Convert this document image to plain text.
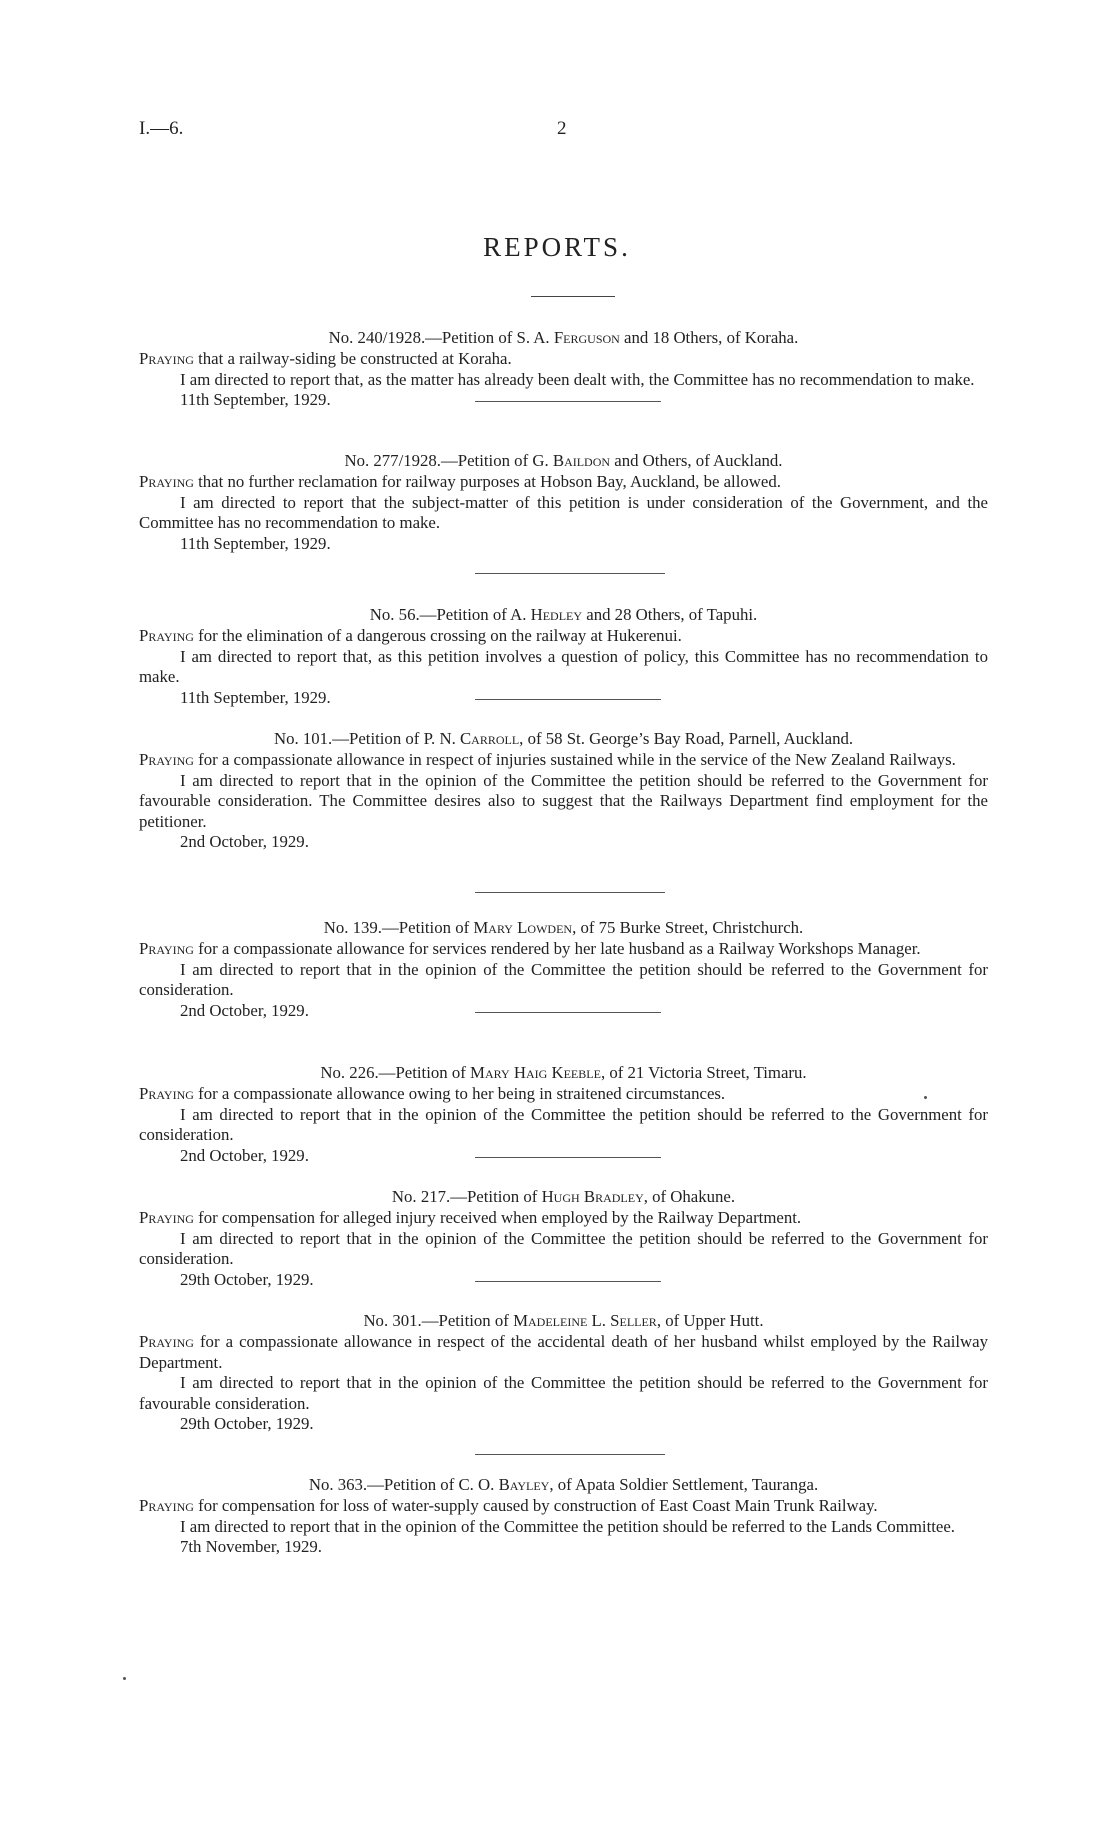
I.—6.	2
REPORTS.

No. 240/1928.—Petition of S. A. Ferguson and 18 Others, of Koraha.

Praying that a railway-siding be constructed at Koraha.

I am directed to report that, as the matter has already been dealt with, the Committee has no recommendation to make.

11th September, 1929.

No. 277/1928.—Petition of G. Baildon and Others, of Auckland.

Praying that no further reclamation for railway purposes at Hobson Bay, Auckland, be allowed.

I am directed to report that the subject-matter of this petition is under consideration of the Government, and the Committee has no recommendation to make.

11th September, 1929.

No. 56.—Petition of A. Hedley and 28 Others, of Tapuhi.

Praying for the elimination of a dangerous crossing on the railway at Hukerenui.

I am directed to report that, as this petition involves a question of policy, this Committee has no recommendation to make.

11th September, 1929.

No. 101.—Petition of P. N. Carroll, of 58 St. George’s Bay Road, Parnell, Auckland.

Praying for a compassionate allowance in respect of injuries sustained while in the service of the New Zealand Railways.

I am directed to report that in the opinion of the Committee the petition should be referred to the Government for favourable consideration. The Committee desires also to suggest that the Railways Department find employment for the petitioner.

2nd October, 1929.

No. 139.—Petition of Mary Lowden, of 75 Burke Street, Christchurch.

Praying for a compassionate allowance for services rendered by her late husband as a Railway Workshops Manager.

I am directed to report that in the opinion of the Committee the petition should be referred to the Government for consideration.

2nd October, 1929.

No. 226.—Petition of Mary Haig Keeble, of 21 Victoria Street, Timaru.

Praying for a compassionate allowance owing to her being in straitened circumstances.

I am directed to report that in the opinion of the Committee the petition should be referred to the Government for consideration.

2nd October, 1929.

No. 217.—Petition of Hugh Bradley, of Ohakune.

Praying for compensation for alleged injury received when employed by the Railway Department.

I am directed to report that in the opinion of the Committee the petition should be referred to the Government for consideration.

29th October, 1929.

No. 301.—Petition of Madeleine L. Seller, of Upper Hutt.

Praying for a compassionate allowance in respect of the accidental death of her husband whilst employed by the Railway Department.

I am directed to report that in the opinion of the Committee the petition should be referred to the Government for favourable consideration.

29th October, 1929.

No. 363.—Petition of C. O. Bayley, of Apata Soldier Settlement, Tauranga.

Praying for compensation for loss of water-supply caused by construction of East Coast Main Trunk Railway.

I am directed to report that in the opinion of the Committee the petition should be referred to the Lands Committee.

7th November, 1929.
